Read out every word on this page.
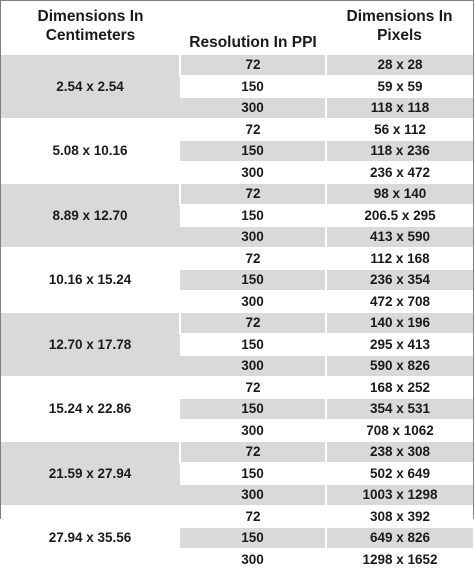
Dimensions In Centimeters	Resolution In PPI	Dimensions In Pixels
2.54 x 2.54	72	28 x 28
	150	59 x 59
	300	118 x 118
5.08 x 10.16	72	56 x 112
	150	118 x 236
	300	236 x 472
8.89 x 12.70	72	98 x 140
	150	206.5 x 295
	300	413 x 590
10.16 x 15.24	72	112 x 168
	150	236 x 354
	300	472 x 708
12.70 x 17.78	72	140 x 196
	150	295 x 413
	300	590 x 826
15.24 x 22.86	72	168 x 252
	150	354 x 531
	300	708 x 1062
21.59 x 27.94	72	238 x 308
	150	502 x 649
	300	1003 x 1298
27.94 x 35.56	72	308 x 392
	150	649 x 826
	300	1298 x 1652
